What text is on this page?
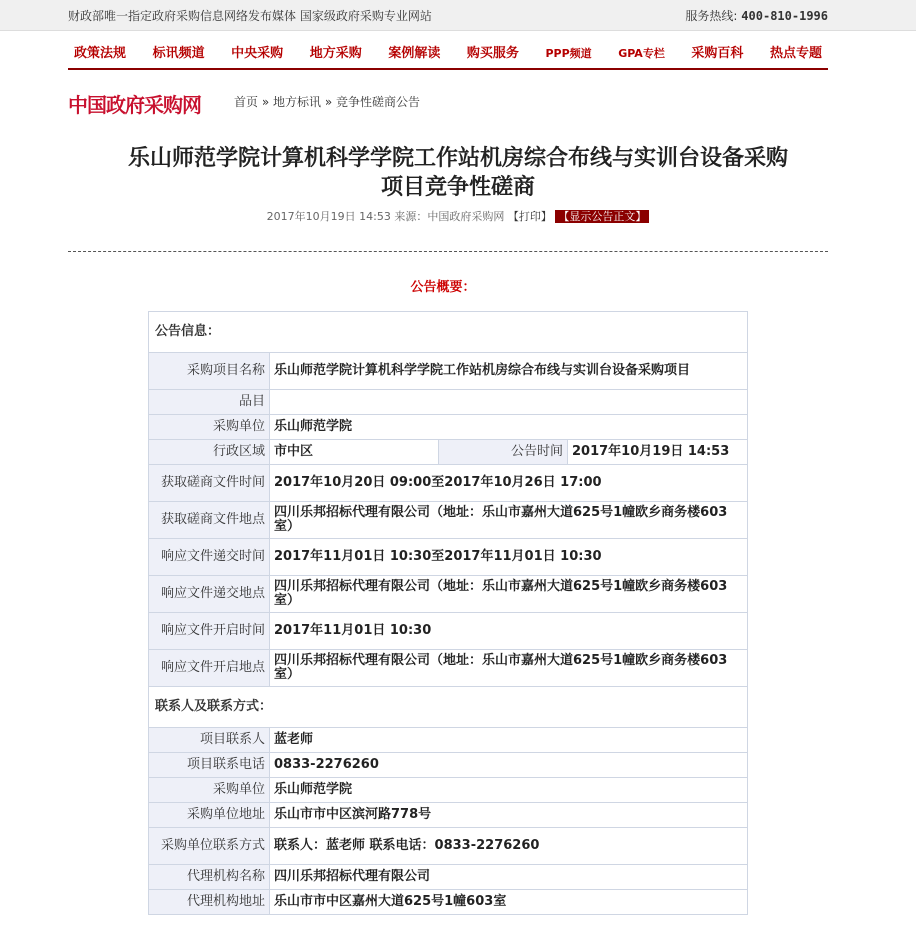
财政部唯一指定政府采购信息网络发布媒体 国家级政府采购专业网站	服务热线: 400-810-1996
政策法规 标讯频道 中央采购 地方采购 案例解读 购买服务 PPP频道 GPA专栏 采购百科 热点专题
中国政府采购网	首页 » 地方标讯 » 竞争性磋商公告
乐山师范学院计算机科学学院工作站机房综合布线与实训台设备采购
项目竞争性磋商
2017年10月19日 14:53 来源：中国政府采购网 【打印】 【显示公告正文】
公告概要：
公告信息：			
采购项目名称	乐山师范学院计算机科学学院工作站机房综合布线与实训台设备采购项目		
品目			
采购单位	乐山师范学院		
行政区域	市中区	公告时间	2017年10月19日 14:53
获取磋商文件时间	2017年10月20日 09:00至2017年10月26日 17:00		
获取磋商文件地点	四川乐邦招标代理有限公司（地址：乐山市嘉州大道625号1幢欧乡商务楼603室）		
响应文件递交时间	2017年11月01日 10:30至2017年11月01日 10:30		
响应文件递交地点	四川乐邦招标代理有限公司（地址：乐山市嘉州大道625号1幢欧乡商务楼603室）		
响应文件开启时间	2017年11月01日 10:30		
响应文件开启地点	四川乐邦招标代理有限公司（地址：乐山市嘉州大道625号1幢欧乡商务楼603室）		
联系人及联系方式：			
项目联系人	蓝老师		
项目联系电话	0833-2276260		
采购单位	乐山师范学院		
采购单位地址	乐山市市中区滨河路778号		
采购单位联系方式	联系人：蓝老师 联系电话：0833-2276260		
代理机构名称	四川乐邦招标代理有限公司		
代理机构地址	乐山市市中区嘉州大道625号1幢603室		
